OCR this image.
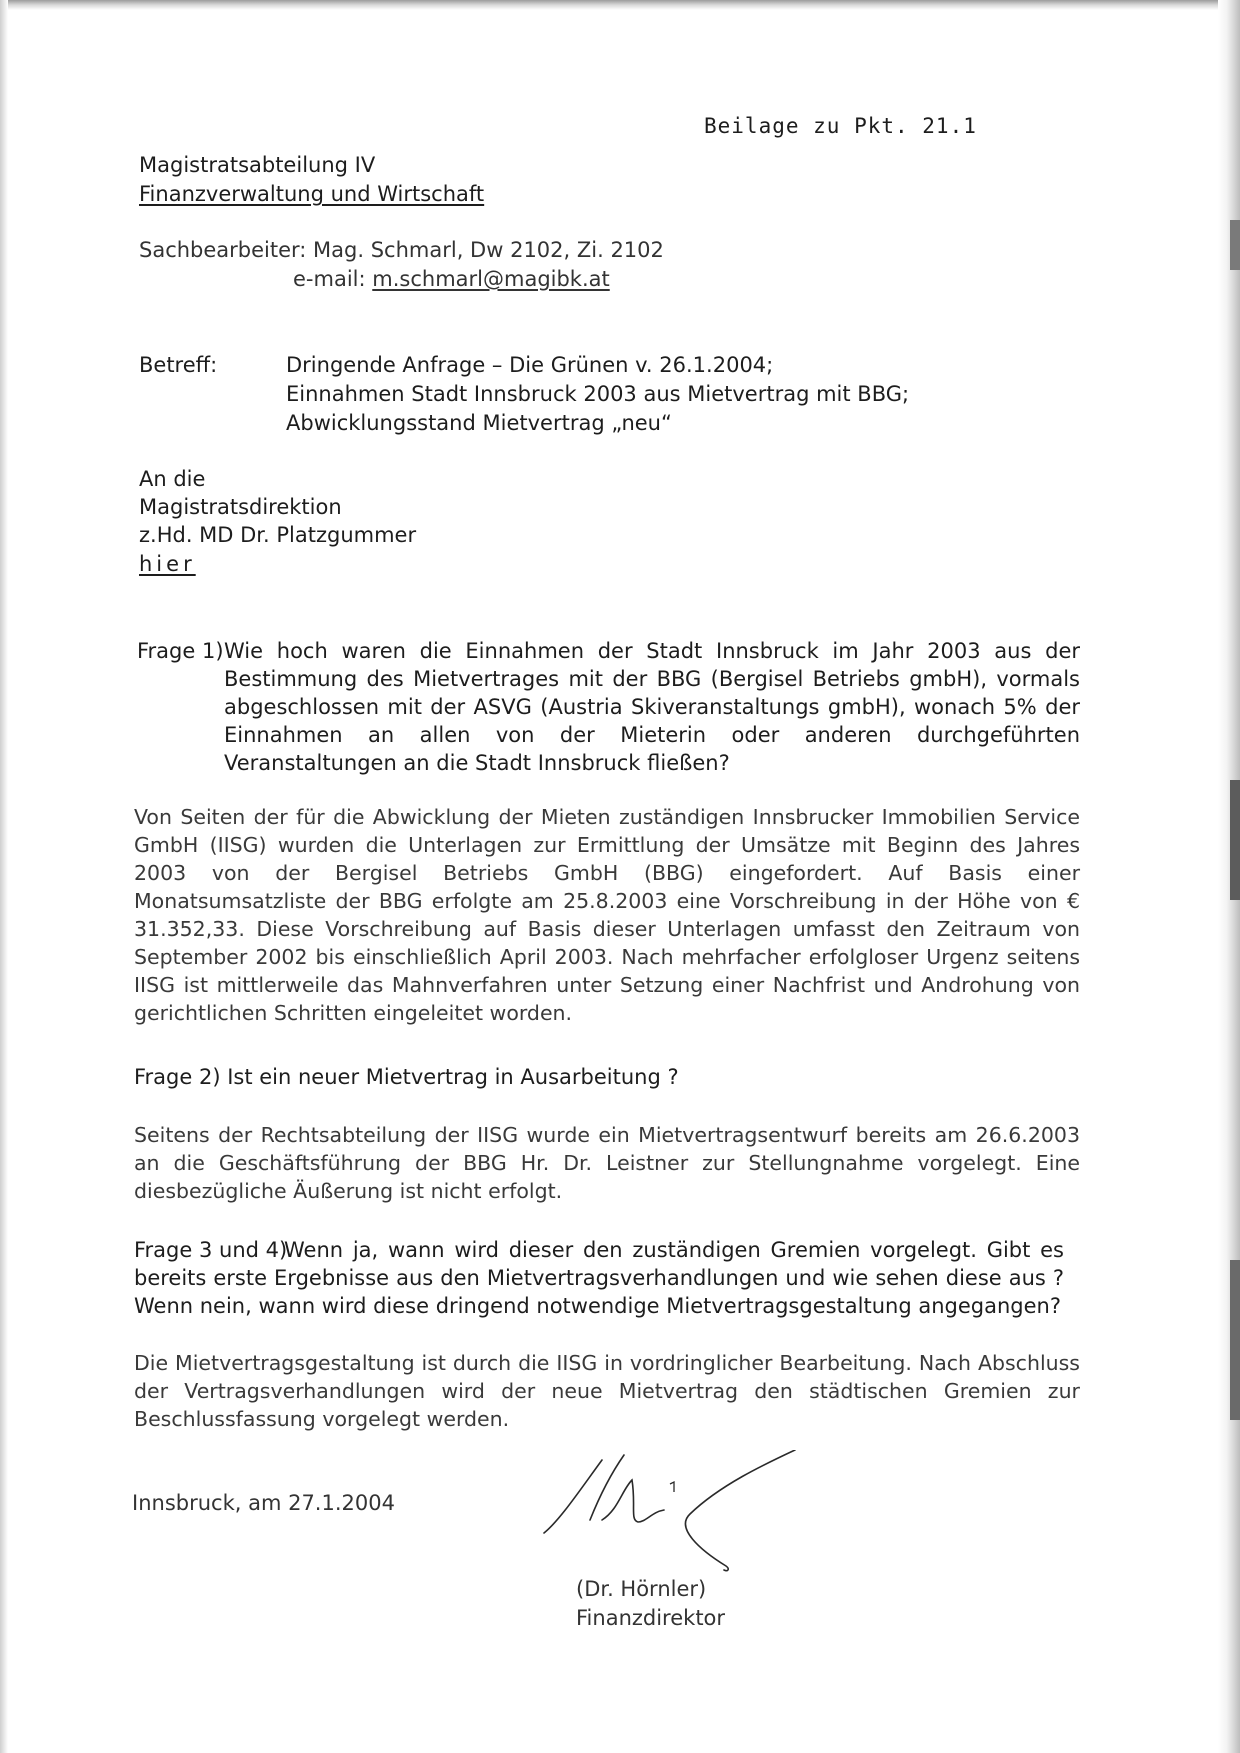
Beilage zu Pkt. 21.1

Magistratsabteilung IV

Finanzverwaltung und Wirtschaft

Sachbearbeiter: Mag. Schmarl, Dw 2102, Zi. 2102

e-mail: m.schmarl@magibk.at

Betreff:	Dringende Anfrage – Die Grünen v. 26.1.2004;

Einnahmen Stadt Innsbruck 2003 aus Mietvertrag mit BBG;

Abwicklungsstand Mietvertrag „neu“

An die

Magistratsdirektion

z.Hd. MD Dr. Platzgummer

hier

Frage 1) Wie hoch waren die Einnahmen der Stadt Innsbruck im Jahr 2003 aus der Bestimmung des Mietvertrages mit der BBG (Bergisel Betriebs gmbH), vormals abgeschlossen mit der ASVG (Austria Skiveranstaltungs gmbH), wonach 5% der Einnahmen an allen von der Mieterin oder anderen durchgeführten Veranstaltungen an die Stadt Innsbruck fließen?

Von Seiten der für die Abwicklung der Mieten zuständigen Innsbrucker Immobilien Service GmbH (IISG) wurden die Unterlagen zur Ermittlung der Umsätze mit Beginn des Jahres 2003 von der Bergisel Betriebs GmbH (BBG) eingefordert. Auf Basis einer Monatsumsatzliste der BBG erfolgte am 25.8.2003 eine Vorschreibung in der Höhe von € 31.352,33. Diese Vorschreibung auf Basis dieser Unterlagen umfasst den Zeitraum von September 2002 bis einschließlich April 2003. Nach mehrfacher erfolgloser Urgenz seitens IISG ist mittlerweile das Mahnverfahren unter Setzung einer Nachfrist und Androhung von gerichtlichen Schritten eingeleitet worden.

Frage 2) Ist ein neuer Mietvertrag in Ausarbeitung ?

Seitens der Rechtsabteilung der IISG wurde ein Mietvertragsentwurf bereits am 26.6.2003 an die Geschäftsführung der BBG Hr. Dr. Leistner zur Stellungnahme vorgelegt. Eine diesbezügliche Äußerung ist nicht erfolgt.

Frage 3 und 4)

Wenn ja, wann wird dieser den zuständigen Gremien vorgelegt. Gibt es bereits erste Ergebnisse aus den Mietvertragsverhandlungen und wie sehen diese aus ? Wenn nein, wann wird diese dringend notwendige Mietvertragsgestaltung angegangen?

Die Mietvertragsgestaltung ist durch die IISG in vordringlicher Bearbeitung. Nach Abschluss der Vertragsverhandlungen wird der neue Mietvertrag den städtischen Gremien zur Beschlussfassung vorgelegt werden.

Innsbruck, am 27.1.2004

(Dr. Hörnler)

Finanzdirektor
